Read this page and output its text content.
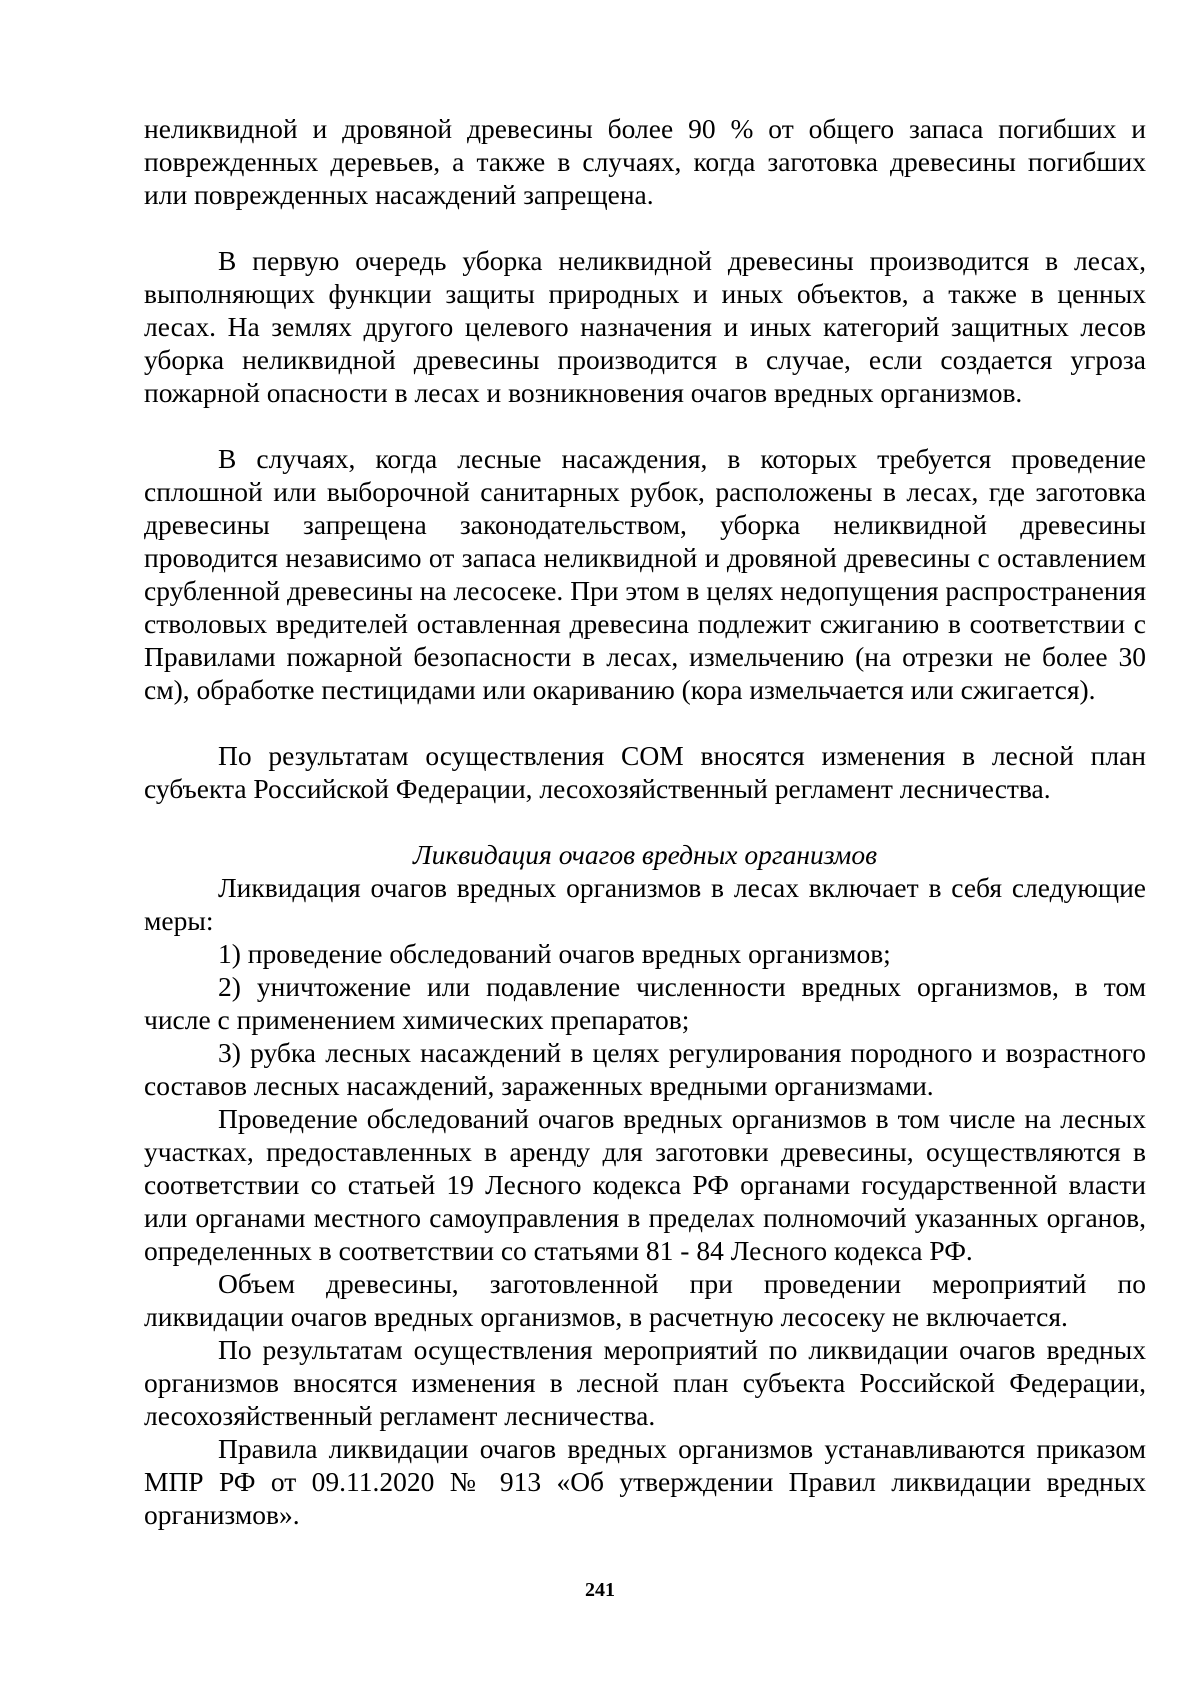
неликвидной и дровяной древесины более 90 % от общего запаса погибших и поврежденных деревьев, а также в случаях, когда заготовка древесины погибших или поврежденных насаждений запрещена.

В первую очередь уборка неликвидной древесины производится в лесах, выполняющих функции защиты природных и иных объектов, а также в ценных лесах. На землях другого целевого назначения и иных категорий защитных лесов уборка неликвидной древесины производится в случае, если создается угроза пожарной опасности в лесах и возникновения очагов вредных организмов.

В случаях, когда лесные насаждения, в которых требуется проведение сплошной или выборочной санитарных рубок, расположены в лесах, где заготовка древесины запрещена законодательством, уборка неликвидной древесины проводится независимо от запаса неликвидной и дровяной древесины с оставлением срубленной древесины на лесосеке. При этом в целях недопущения распространения стволовых вредителей оставленная древесина подлежит сжиганию в соответствии с Правилами пожарной безопасности в лесах, измельчению (на отрезки не более 30 см), обработке пестицидами или окариванию (кора измельчается или сжигается).

По результатам осуществления СОМ вносятся изменения в лесной план субъекта Российской Федерации, лесохозяйственный регламент лесничества.

Ликвидация очагов вредных организмов

Ликвидация очагов вредных организмов в лесах включает в себя следующие меры:

1) проведение обследований очагов вредных организмов;

2) уничтожение или подавление численности вредных организмов, в том числе с применением химических препаратов;

3) рубка лесных насаждений в целях регулирования породного и возрастного составов лесных насаждений, зараженных вредными организмами.

Проведение обследований очагов вредных организмов в том числе на лесных участках, предоставленных в аренду для заготовки древесины, осуществляются в соответствии со статьей 19 Лесного кодекса РФ органами государственной власти или органами местного самоуправления в пределах полномочий указанных органов, определенных в соответствии со статьями 81 - 84 Лесного кодекса РФ.

Объем древесины, заготовленной при проведении мероприятий по ликвидации очагов вредных организмов, в расчетную лесосеку не включается.

По результатам осуществления мероприятий по ликвидации очагов вредных организмов вносятся изменения в лесной план субъекта Российской Федерации, лесохозяйственный регламент лесничества.

Правила ликвидации очагов вредных организмов устанавливаются приказом МПР РФ от 09.11.2020 № 913 «Об утверждении Правил ликвидации вредных организмов».

241
